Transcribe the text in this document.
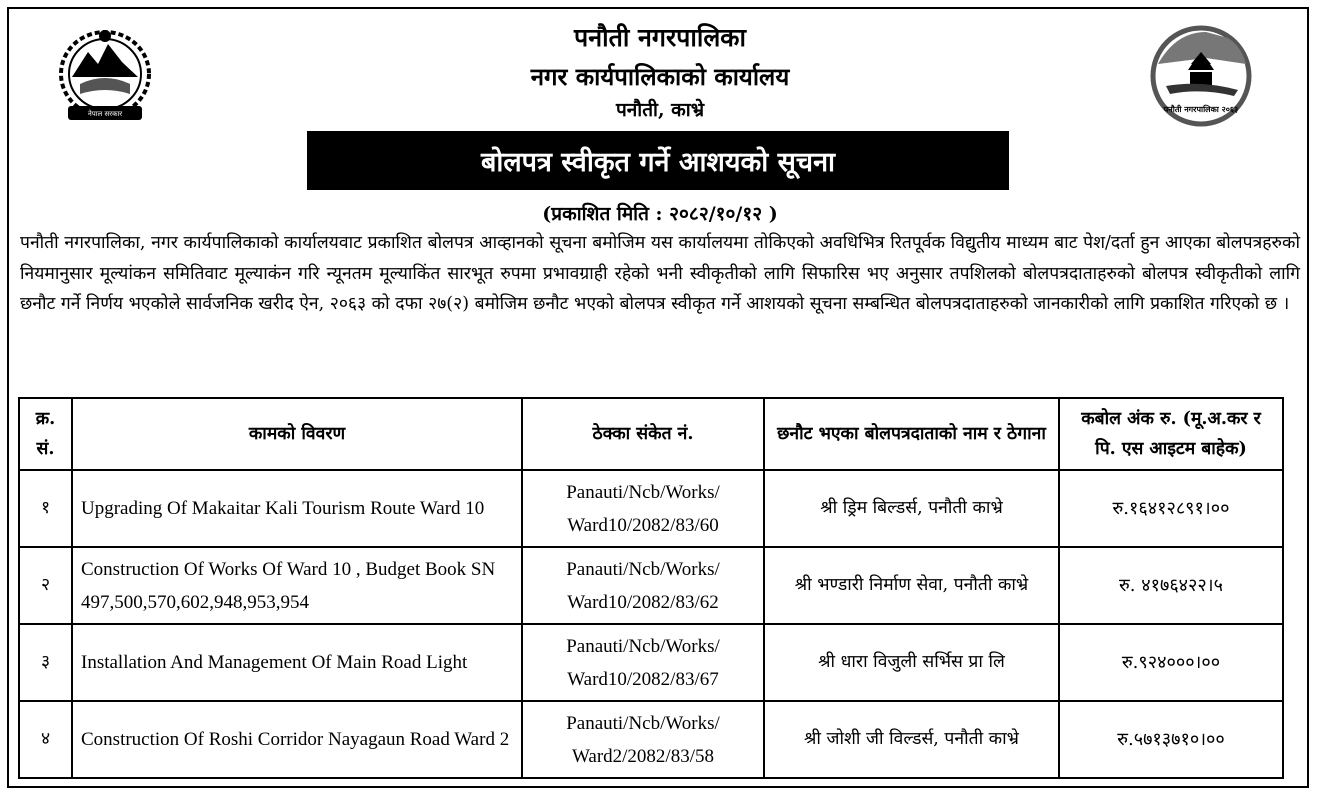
नेपाल सरकार	पनौती नगरपालिका २०६३
पनौती नगरपालिका
नगर कार्यपालिकाको कार्यालय
पनौती, काभ्रे
बोलपत्र स्वीकृत गर्ने आशयको सूचना
(प्रकाशित मिति : २०८२/१०/१२ )
पनौती नगरपालिका, नगर कार्यपालिकाको कार्यालयवाट प्रकाशित बोलपत्र आव्हानको सूचना बमोजिम यस कार्यालयमा तोकिएको अवधिभित्र रितपूर्वक विद्युतीय माध्यम बाट पेश/दर्ता हुन आएका बोलपत्रहरुको नियमानुसार मूल्यांकन समितिवाट मूल्याकंन गरि न्यूनतम मूल्याकिंत सारभूत रुपमा प्रभावग्राही रहेको भनी स्वीकृतीको लागि सिफारिस भए अनुसार तपशिलको बोलपत्रदाताहरुको बोलपत्र स्वीकृतीको लागि छनौट गर्ने निर्णय भएकोले सार्वजनिक खरीद ऐन, २०६३ को दफा २७(२) बमोजिम छनौट भएको बोलपत्र स्वीकृत गर्ने आशयको सूचना सम्बन्धित बोलपत्रदाताहरुको जानकारीको लागि प्रकाशित गरिएको छ ।
क्र. सं.	कामको विवरण	ठेक्का संकेत नं.	छनौट भएका बोलपत्रदाताको नाम र ठेगाना	कबोल अंक रु. (मू.अ.कर र पि. एस आइटम बाहेक)
१	Upgrading Of Makaitar Kali Tourism Route Ward 10	Panauti/Ncb/Works/ Ward10/2082/83/60	श्री ड्रिम बिल्डर्स, पनौती काभ्रे	रु.१६४१२८९१।००
२	Construction Of Works Of Ward 10 , Budget Book SN 497,500,570,602,948,953,954	Panauti/Ncb/Works/ Ward10/2082/83/62	श्री भण्डारी निर्माण सेवा, पनौती काभ्रे	रु. ४१७६४२२।५
३	Installation And Management Of Main Road Light	Panauti/Ncb/Works/ Ward10/2082/83/67	श्री धारा विजुली सर्भिस प्रा लि	रु.९२४०००।००
४	Construction Of Roshi Corridor Nayagaun Road Ward 2	Panauti/Ncb/Works/ Ward2/2082/83/58	श्री जोशी जी विल्डर्स, पनौती काभ्रे	रु.५७१३७१०।००
